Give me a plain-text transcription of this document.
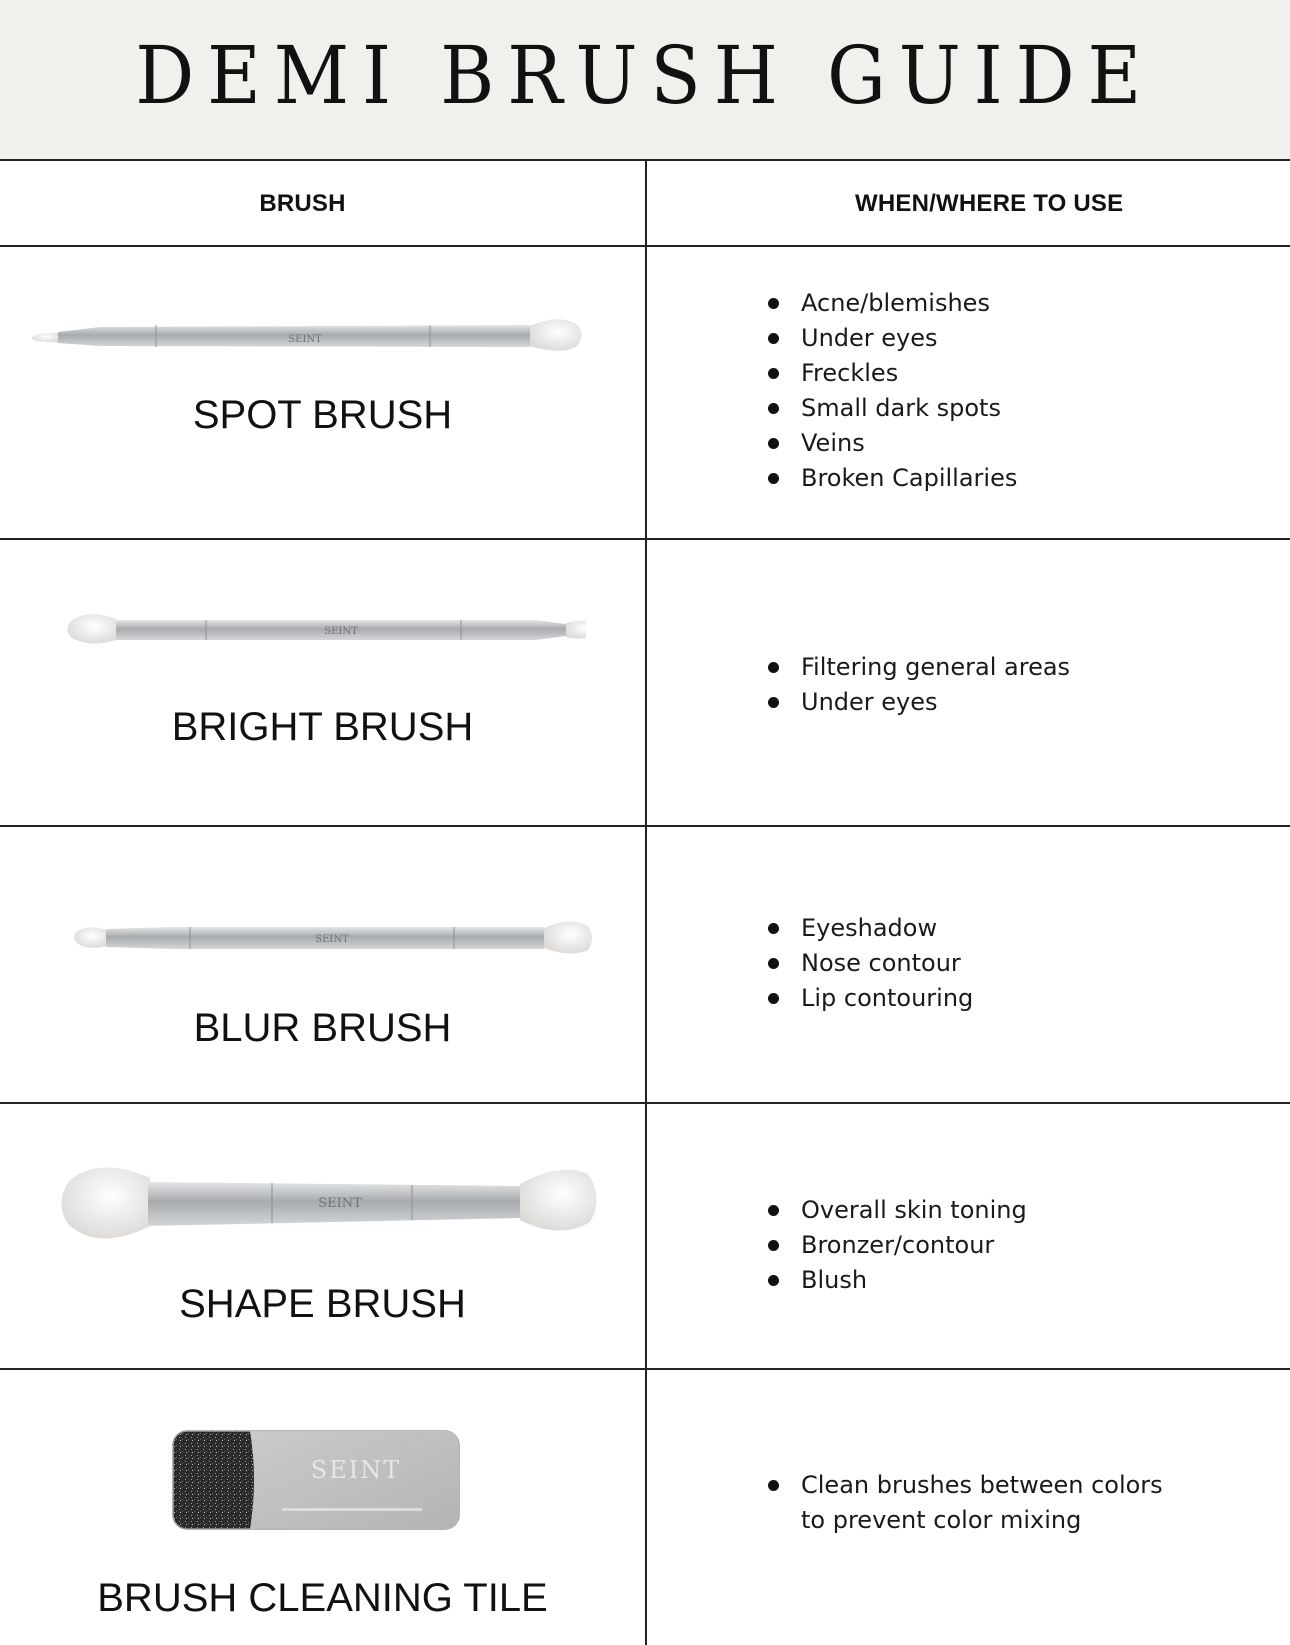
DEMI BRUSH GUIDE
BRUSH	WHEN/WHERE TO USE
SEINT
SPOT BRUSH
Acne/blemishes
Under eyes
Freckles
Small dark spots
Veins
Broken Capillaries
SEINT
BRIGHT BRUSH
Filtering general areas
Under eyes
SEINT
BLUR BRUSH
Eyeshadow
Nose contour
Lip contouring
SEINT
SHAPE BRUSH
Overall skin toning
Bronzer/contour
Blush
SEINT
BRUSH CLEANING TILE
Clean brushes between colors to prevent color mixing
